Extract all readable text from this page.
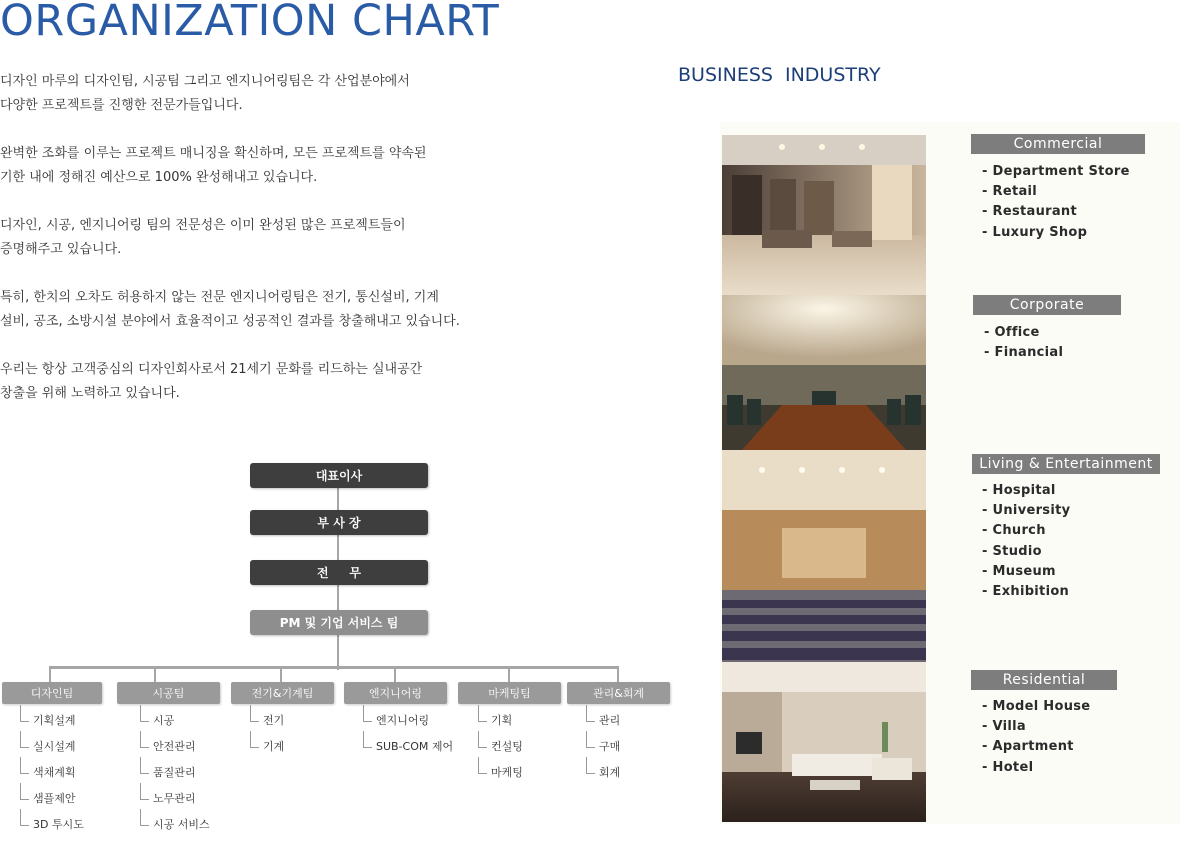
ORGANIZATION CHART

디자인 마루의 디자인팀, 시공팀 그리고 엔지니어링팀은 각 산업분야에서
다양한 프로젝트를 진행한 전문가들입니다.

완벽한 조화를 이루는 프로젝트 매니징을 확신하며, 모든 프로젝트를 약속된
기한 내에 정해진 예산으로 100% 완성해내고 있습니다.

디자인, 시공, 엔지니어링 팀의 전문성은 이미 완성된 많은 프로젝트들이
증명해주고 있습니다.

특히, 한치의 오차도 허용하지 않는 전문 엔지니어링팀은 전기, 통신설비, 기계
설비, 공조, 소방시설 분야에서 효율적이고 성공적인 결과를 창출해내고 있습니다.

우리는 항상 고객중심의 디자인회사로서 21세기 문화를 리드하는 실내공간
창출을 위해 노력하고 있습니다.

BUSINESS INDUSTRY
대표이사
부 사 장
전     무
PM 및 기업 서비스 팀
디자인팀	시공팀	전기&기계팀	엔지니어링	마케팅팀	관리&회계
기획설계
실시설계
색채계획
샘플제안
3D 투시도
시공
안전관리
품질관리
노무관리
시공 서비스
전기
기계
엔지니어링
SUB-COM 제어
기획
컨설팅
마케팅
관리
구매
회계
Commercial
- Department Store
- Retail
- Restaurant
- Luxury Shop
Corporate
- Office
- Financial
Living & Entertainment
- Hospital
- University
- Church
- Studio
- Museum
- Exhibition
Residential
- Model House
- Villa
- Apartment
- Hotel
